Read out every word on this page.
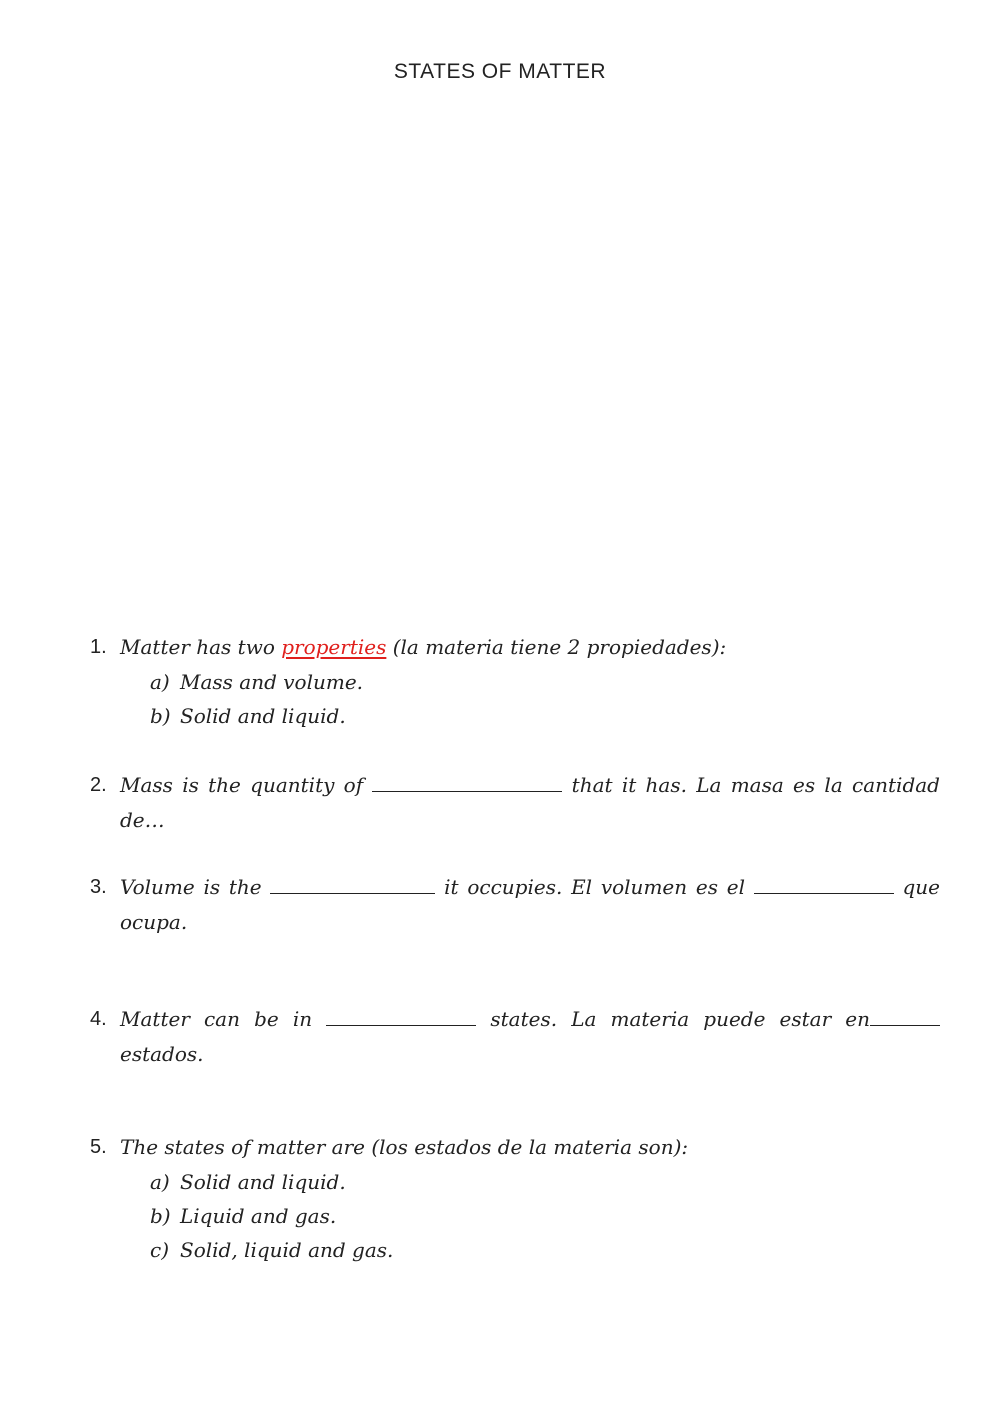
STATES OF MATTER
1. Matter has two properties (la materia tiene 2 propiedades):
a) Mass and volume.
b) Solid and liquid.
2. Mass is the quantity of	that it has. La masa es la cantidad de…
3. Volume is the	it occupies. El volumen es el	que ocupa.
4. Matter can be in	states. La materia puede estar en estados.
5. The states of matter are (los estados de la materia son):
a) Solid and liquid.
b) Liquid and gas.
c) Solid, liquid and gas.
